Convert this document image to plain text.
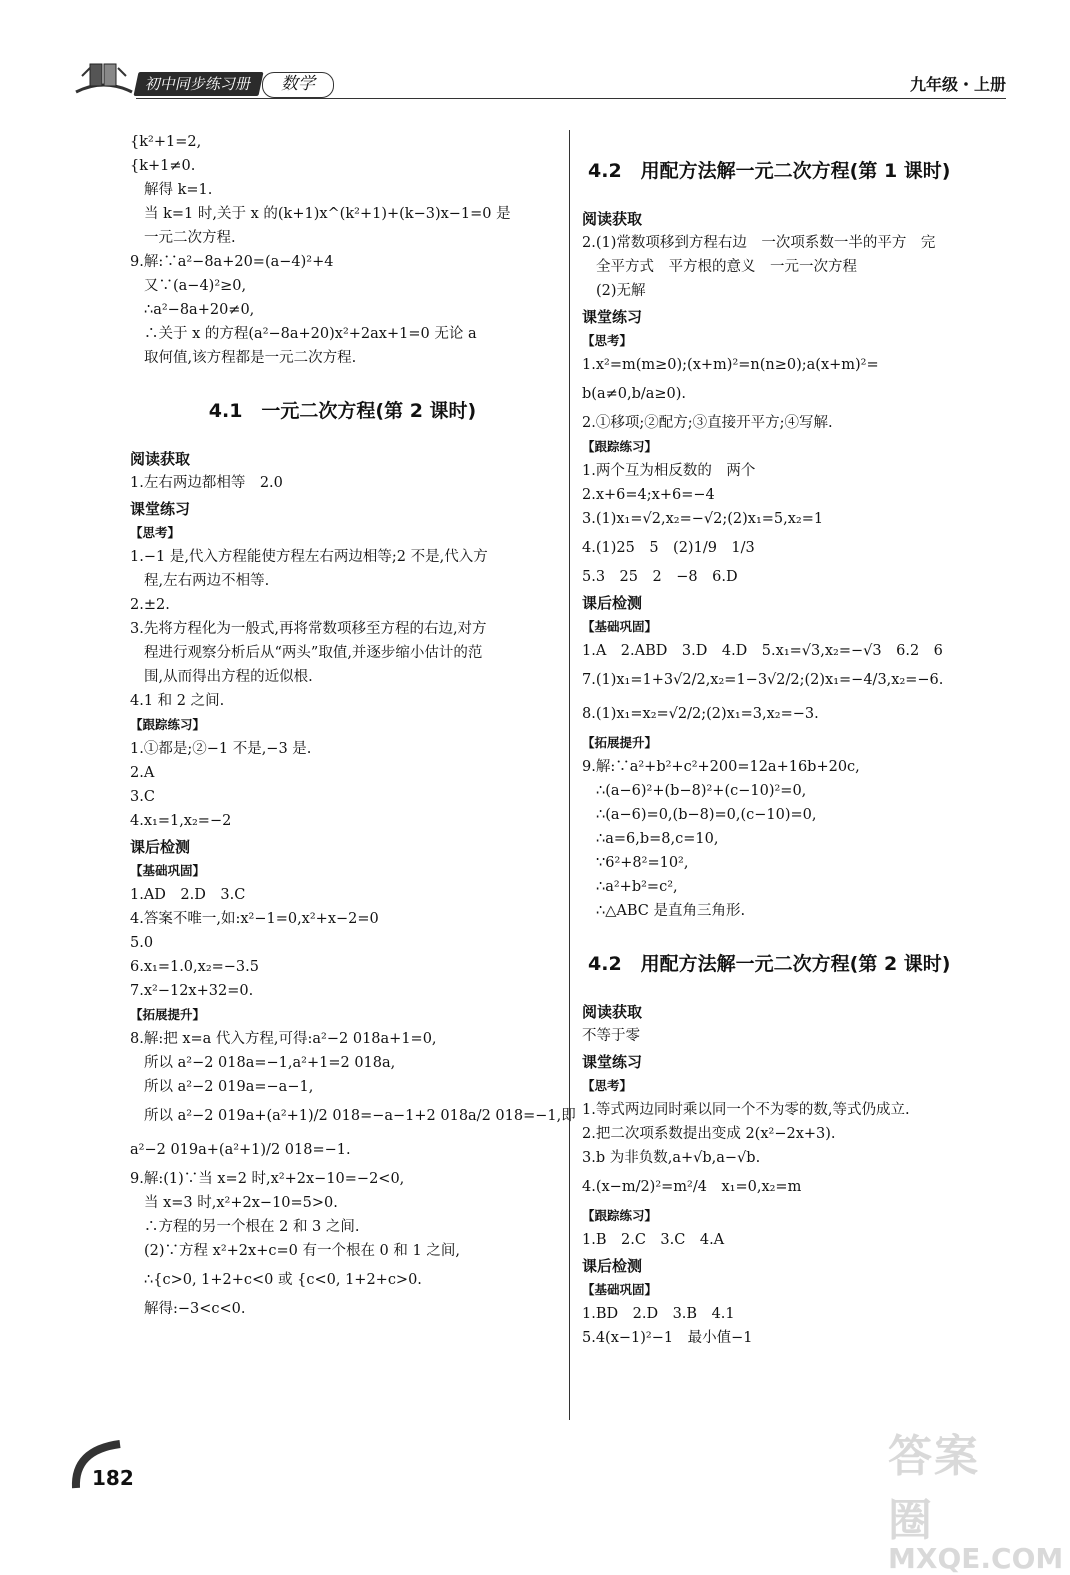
初中同步练习册	数学	九年级・上册
{k²+1=2,
{k+1≠0.
解得 k=1.
当 k=1 时,关于 x 的(k+1)x^(k²+1)+(k−3)x−1=0 是
一元二次方程.
9.解:∵a²−8a+20=(a−4)²+4
又∵(a−4)²≥0,
∴a²−8a+20≠0,
∴关于 x 的方程(a²−8a+20)x²+2ax+1=0 无论 a
取何值,该方程都是一元二次方程.
4.1　一元二次方程(第 2 课时)
阅读获取
1.左右两边都相等　2.0
课堂练习
【思考】
1.−1 是,代入方程能使方程左右两边相等;2 不是,代入方
程,左右两边不相等.
2.±2.
3.先将方程化为一般式,再将常数项移至方程的右边,对方
程进行观察分析后从“两头”取值,并逐步缩小估计的范
围,从而得出方程的近似根.
4.1 和 2 之间.
【跟踪练习】
1.①都是;②−1 不是,−3 是.
2.A
3.C
4.x₁=1,x₂=−2
课后检测
【基础巩固】
1.AD　2.D　3.C
4.答案不唯一,如:x²−1=0,x²+x−2=0
5.0
6.x₁=1.0,x₂=−3.5
7.x²−12x+32=0.
【拓展提升】
8.解:把 x=a 代入方程,可得:a²−2 018a+1=0,
所以 a²−2 018a=−1,a²+1=2 018a,
所以 a²−2 019a=−a−1,
所以 a²−2 019a+(a²+1)/2 018=−a−1+2 018a/2 018=−1,即
a²−2 019a+(a²+1)/2 018=−1.
9.解:(1)∵当 x=2 时,x²+2x−10=−2<0,
当 x=3 时,x²+2x−10=5>0.
∴方程的另一个根在 2 和 3 之间.
(2)∵方程 x²+2x+c=0 有一个根在 0 和 1 之间,
∴{c>0, 1+2+c<0 或 {c<0, 1+2+c>0.
解得:−3<c<0.
4.2　用配方法解一元二次方程(第 1 课时)
阅读获取
2.(1)常数项移到方程右边　一次项系数一半的平方　完
全平方式　平方根的意义　一元一次方程
(2)无解
课堂练习
【思考】
1.x²=m(m≥0);(x+m)²=n(n≥0);a(x+m)²=
b(a≠0,b/a≥0).
2.①移项;②配方;③直接开平方;④写解.
【跟踪练习】
1.两个互为相反数的　两个
2.x+6=4;x+6=−4
3.(1)x₁=√2,x₂=−√2;(2)x₁=5,x₂=1
4.(1)25　5　(2)1/9　1/3
5.3　25　2　−8　6.D
课后检测
【基础巩固】
1.A　2.ABD　3.D　4.D　5.x₁=√3,x₂=−√3　6.2　6
7.(1)x₁=1+3√2/2,x₂=1−3√2/2;(2)x₁=−4/3,x₂=−6.
8.(1)x₁=x₂=√2/2;(2)x₁=3,x₂=−3.
【拓展提升】
9.解:∵a²+b²+c²+200=12a+16b+20c,
∴(a−6)²+(b−8)²+(c−10)²=0,
∴(a−6)=0,(b−8)=0,(c−10)=0,
∴a=6,b=8,c=10,
∵6²+8²=10²,
∴a²+b²=c²,
∴△ABC 是直角三角形.
4.2　用配方法解一元二次方程(第 2 课时)
阅读获取
不等于零
课堂练习
【思考】
1.等式两边同时乘以同一个不为零的数,等式仍成立.
2.把二次项系数提出变成 2(x²−2x+3).
3.b 为非负数,a+√b,a−√b.
4.(x−m/2)²=m²/4　x₁=0,x₂=m
【跟踪练习】
1.B　2.C　3.C　4.A
课后检测
【基础巩固】
1.BD　2.D　3.B　4.1
5.4(x−1)²−1　最小值−1
182	答案圈
MXQE.COM
